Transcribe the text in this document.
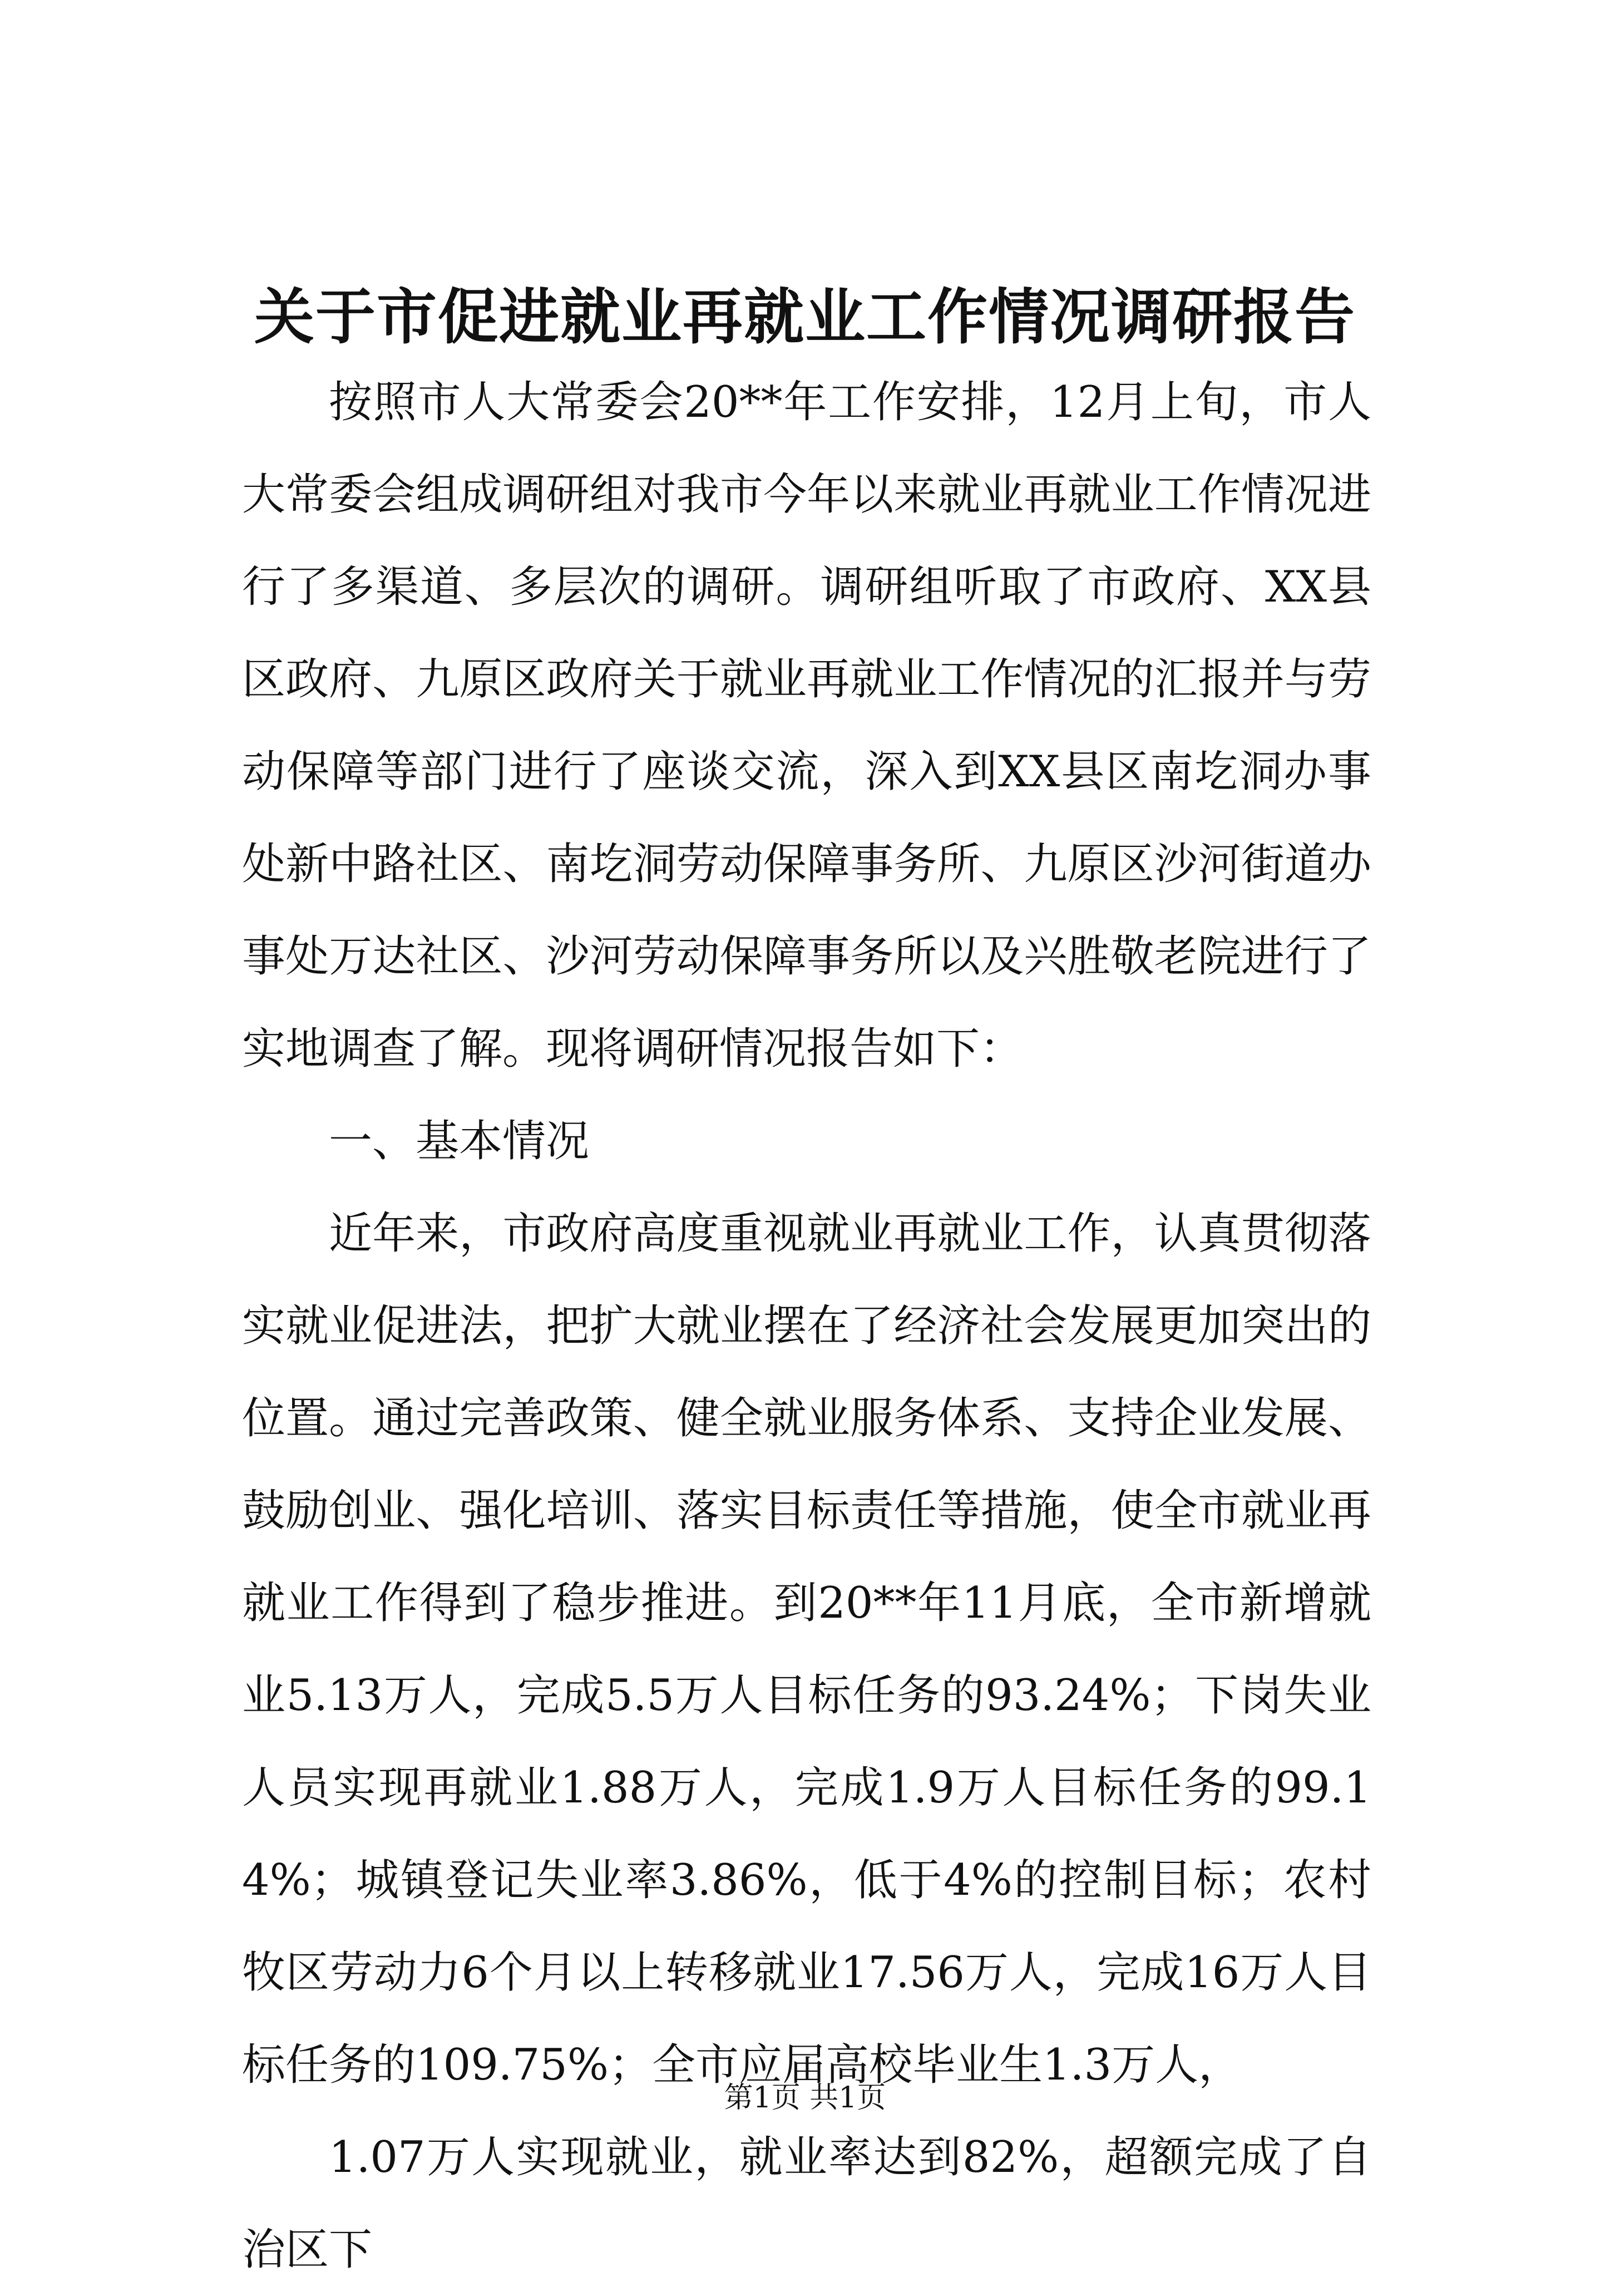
关于市促进就业再就业工作情况调研报告

按照市人大常委会20**年工作安排，12月上旬，市人大常委会组成调研组对我市今年以来就业再就业工作情况进行了多渠道、多层次的调研。调研组听取了市政府、XX县区政府、九原区政府关于就业再就业工作情况的汇报并与劳动保障等部门进行了座谈交流，深入到XX县区南圪洞办事处新中路社区、南圪洞劳动保障事务所、九原区沙河街道办事处万达社区、沙河劳动保障事务所以及兴胜敬老院进行了实地调查了解。现将调研情况报告如下：

一、基本情况

近年来，市政府高度重视就业再就业工作，认真贯彻落实就业促进法，把扩大就业摆在了经济社会发展更加突出的位置。通过完善政策、健全就业服务体系、支持企业发展、鼓励创业、强化培训、落实目标责任等措施，使全市就业再就业工作得到了稳步推进。到20**年11月底，全市新增就业5.13万人，完成5.5万人目标任务的93.24%；下岗失业人员实现再就业1.88万人，完成1.9万人目标任务的99.14%；城镇登记失业率3.86%，低于4%的控制目标；农村牧区劳动力6个月以上转移就业17.56万人，完成16万人目标任务的109.75%；全市应届高校毕业生1.3万人，

1.07万人实现就业，就业率达到82%，超额完成了自治区下

第1页 共1页
